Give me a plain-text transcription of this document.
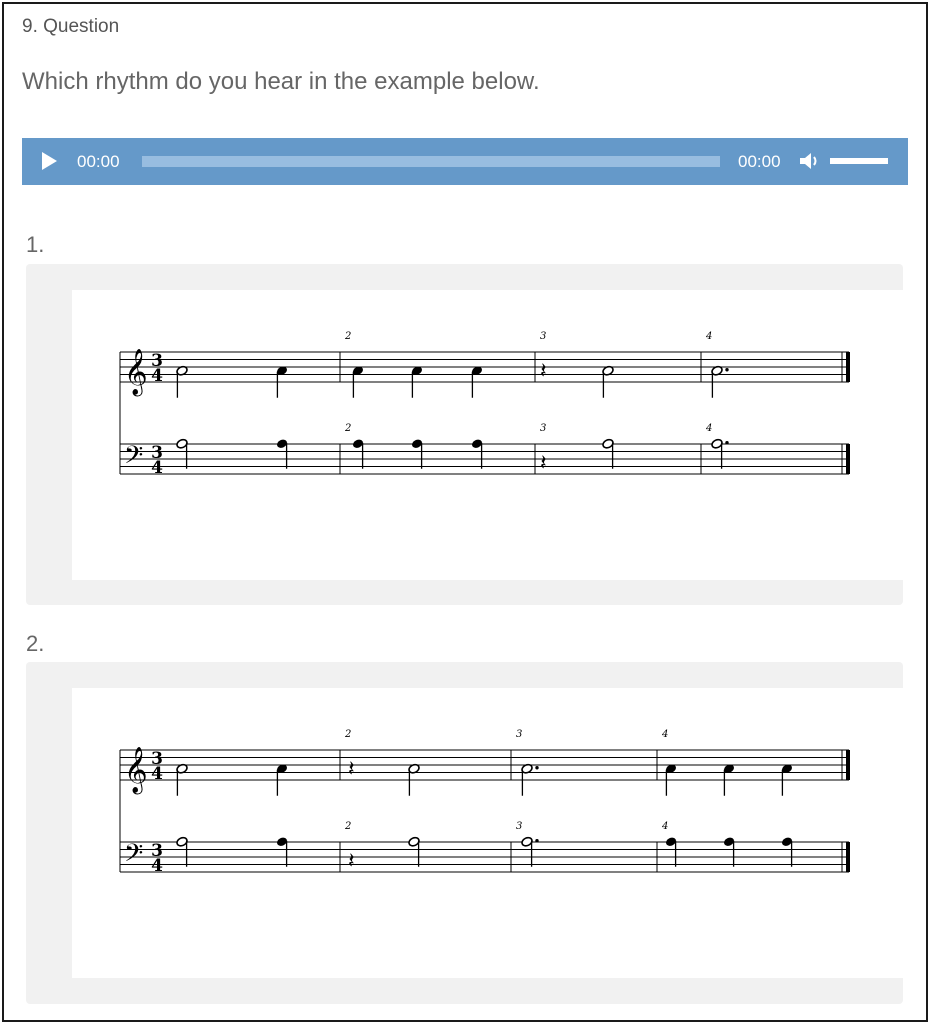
9. Question
Which rhythm do you hear in the example below.
00:00	00:00
1.
𝄞 3
4
2	3	4
𝄽
𝄢 3
4
2	3	4
𝄽
2.
𝄞 3
4
2	3	4
𝄽
𝄢 3
4
2	3	4
𝄽
